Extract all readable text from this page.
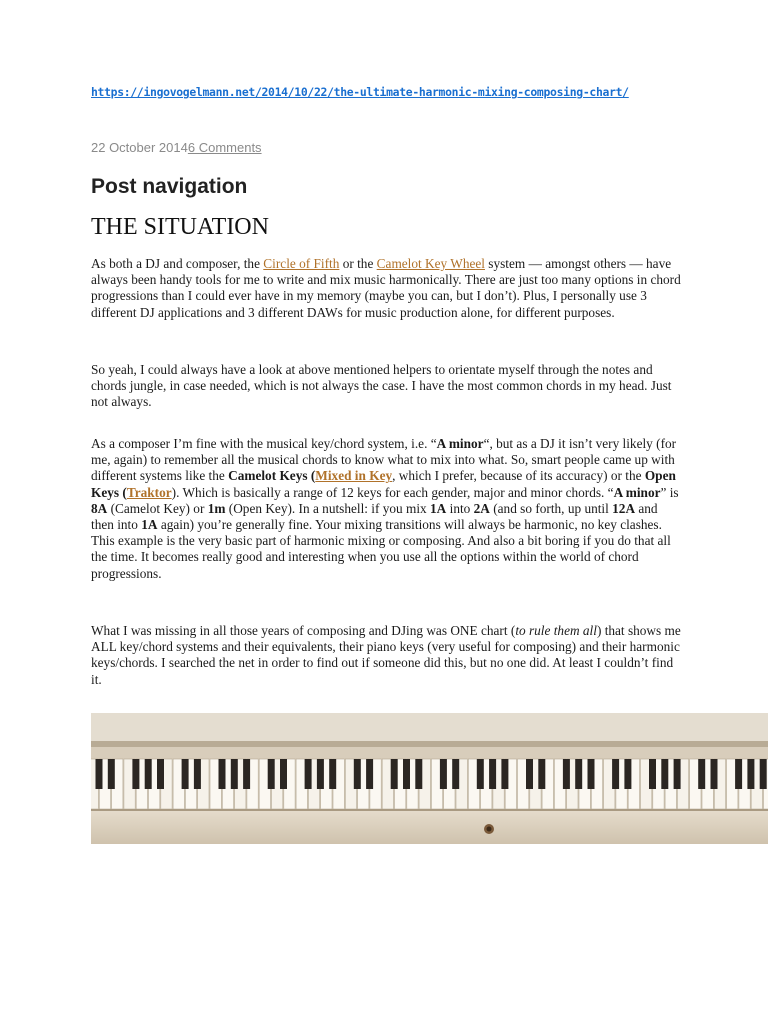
https://ingovogelmann.net/2014/10/22/the-ultimate-harmonic-mixing-composing-chart/
22 October 20146 Comments
Post navigation
THE SITUATION
As both a DJ and composer, the Circle of Fifth or the Camelot Key Wheel system — amongst others — have always been handy tools for me to write and mix music harmonically. There are just too many options in chord progressions than I could ever have in my memory (maybe you can, but I don’t). Plus, I personally use 3 different DJ applications and 3 different DAWs for music production alone, for different purposes.
So yeah, I could always have a look at above mentioned helpers to orientate myself through the notes and chords jungle, in case needed, which is not always the case. I have the most common chords in my head. Just not always.
As a composer I’m fine with the musical key/chord system, i.e. “A minor“, but as a DJ it isn’t very likely (for me, again) to remember all the musical chords to know what to mix into what. So, smart people came up with different systems like the Camelot Keys (Mixed in Key, which I prefer, because of its accuracy) or the Open Keys (Traktor). Which is basically a range of 12 keys for each gender, major and minor chords. “A minor” is 8A (Camelot Key) or 1m (Open Key). In a nutshell: if you mix 1A into 2A (and so forth, up until 12A and then into 1A again) you’re generally fine. Your mixing transitions will always be harmonic, no key clashes. This example is the very basic part of harmonic mixing or composing. And also a bit boring if you do that all the time. It becomes really good and interesting when you use all the options within the world of chord progressions.
What I was missing in all those years of composing and DJing was ONE chart (to rule them all) that shows me ALL key/chord systems and their equivalents, their piano keys (very useful for composing) and their harmonic keys/chords. I searched the net in order to find out if someone did this, but no one did. At least I couldn’t find it.
